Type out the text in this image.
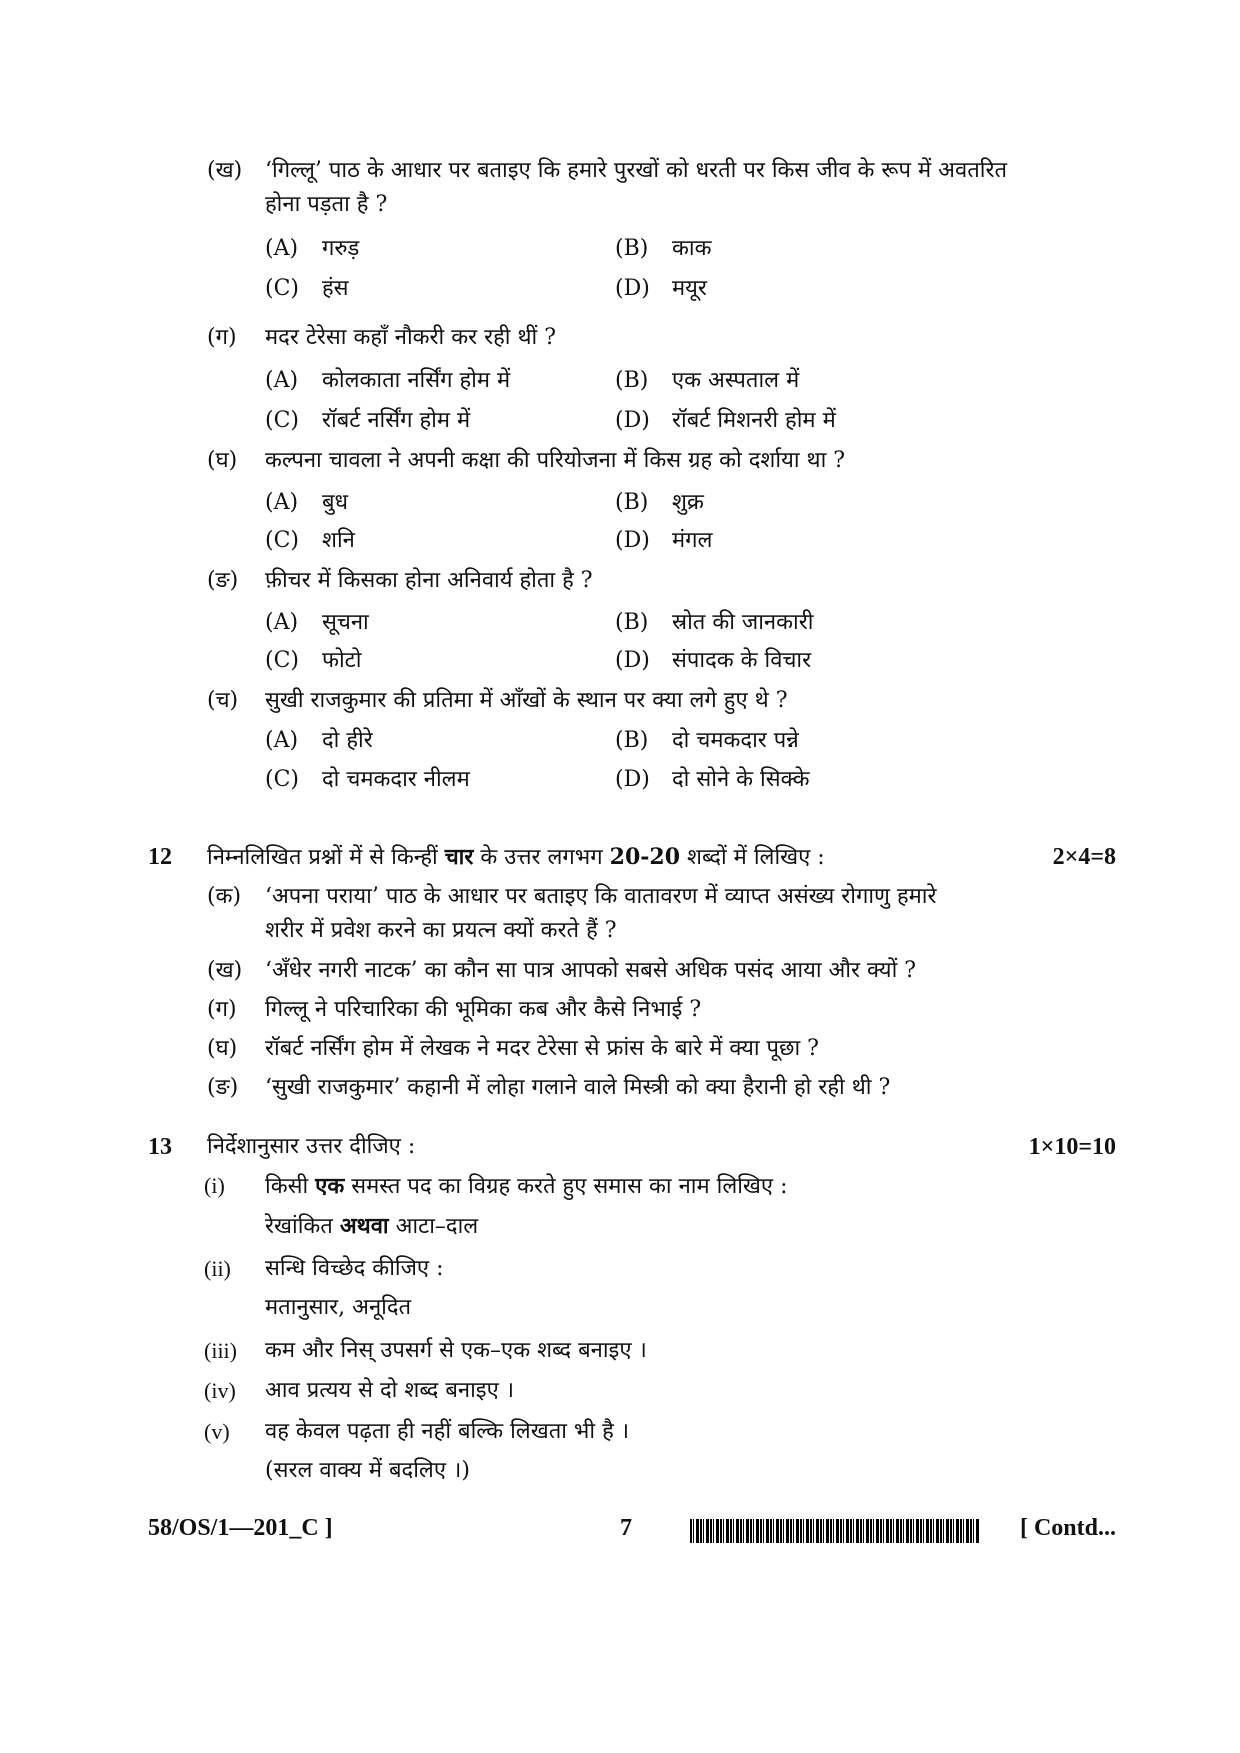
(ख) ‘गिल्लू’ पाठ के आधार पर बताइए कि हमारे पुरखों को धरती पर किस जीव के रूप में अवतरित
होना पड़ता है ?
(A) गरुड़	(B) काक
(C) हंस	(D) मयूर
(ग) मदर टेरेसा कहाँ नौकरी कर रही थीं ?
(A) कोलकाता नर्सिंग होम में	(B) एक अस्पताल में
(C) रॉबर्ट नर्सिंग होम में	(D) रॉबर्ट मिशनरी होम में
(घ) कल्पना चावला ने अपनी कक्षा की परियोजना में किस ग्रह को दर्शाया था ?
(A) बुध	(B) शुक्र
(C) शनि	(D) मंगल
(ङ) फ़ीचर में किसका होना अनिवार्य होता है ?
(A) सूचना	(B) स्रोत की जानकारी
(C) फोटो	(D) संपादक के विचार
(च) सुखी राजकुमार की प्रतिमा में आँखों के स्थान पर क्या लगे हुए थे ?
(A) दो हीरे	(B) दो चमकदार पन्ने
(C) दो चमकदार नीलम	(D) दो सोने के सिक्के
12 निम्नलिखित प्रश्नों में से किन्हीं चार के उत्तर लगभग 20-20 शब्दों में लिखिए :	2×4=8
(क) ‘अपना पराया’ पाठ के आधार पर बताइए कि वातावरण में व्याप्त असंख्य रोगाणु हमारे
शरीर में प्रवेश करने का प्रयत्न क्यों करते हैं ?
(ख) ‘अँधेर नगरी नाटक’ का कौन सा पात्र आपको सबसे अधिक पसंद आया और क्यों ?
(ग) गिल्लू ने परिचारिका की भूमिका कब और कैसे निभाई ?
(घ) रॉबर्ट नर्सिंग होम में लेखक ने मदर टेरेसा से फ्रांस के बारे में क्या पूछा ?
(ङ) ‘सुखी राजकुमार’ कहानी में लोहा गलाने वाले मिस्त्री को क्या हैरानी हो रही थी ?
13 निर्देशानुसार उत्तर दीजिए :	1×10=10
(i) किसी एक समस्त पद का विग्रह करते हुए समास का नाम लिखिए :
रेखांकित अथवा आटा–दाल
(ii) सन्धि विच्छेद कीजिए :
मतानुसार, अनूदित
(iii) कम और निस् उपसर्ग से एक–एक शब्द बनाइए ।
(iv) आव प्रत्यय से दो शब्द बनाइए ।
(v) वह केवल पढ़ता ही नहीं बल्कि लिखता भी है ।
(सरल वाक्य में बदलिए ।)
58/OS/1—201_C ]	7	[ Contd...
